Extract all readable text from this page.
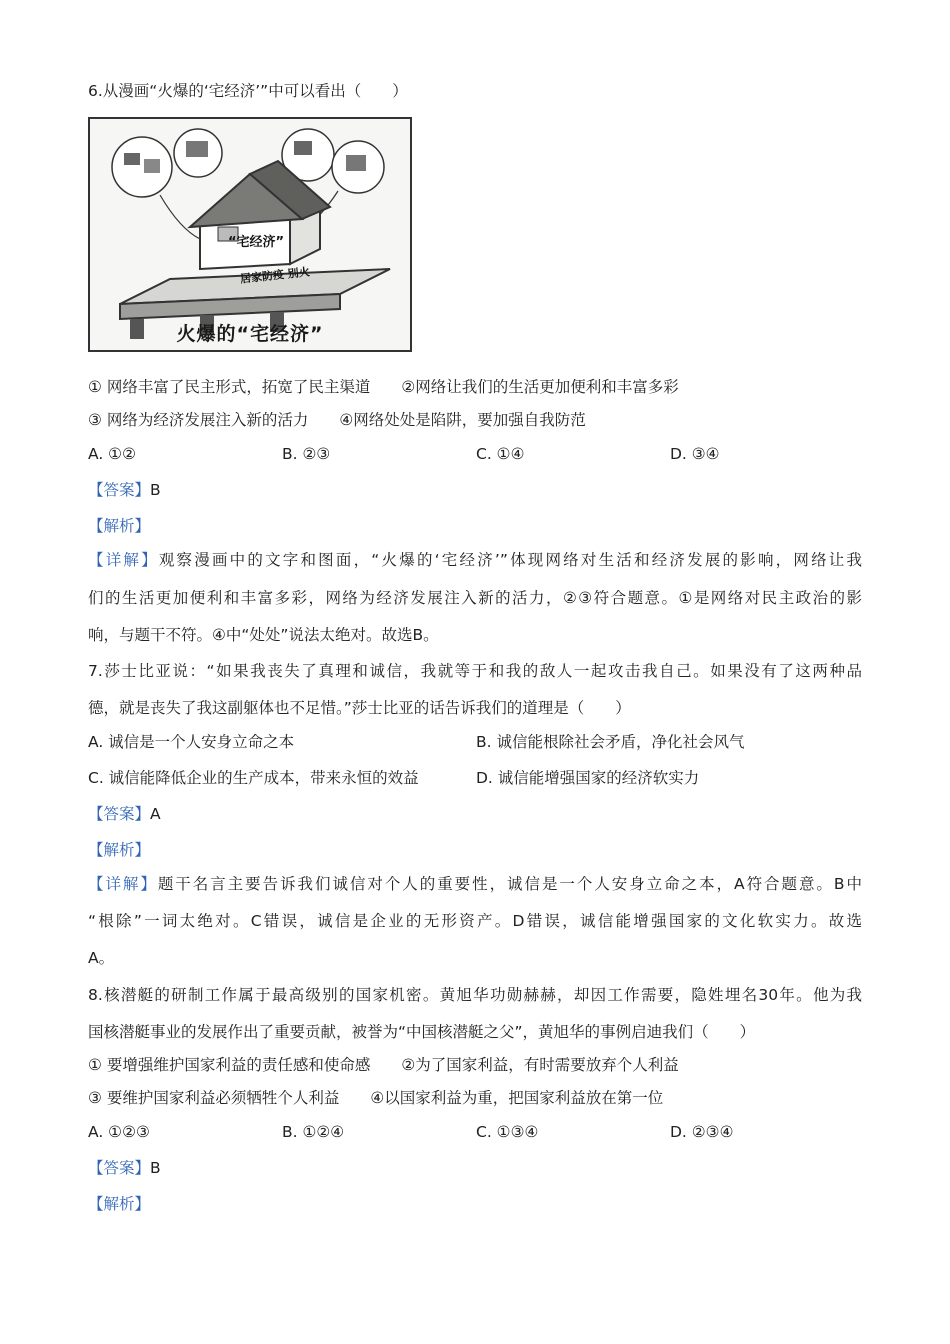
6.从漫画“火爆的‘宅经济’”中可以看出（　　）
“宅经济”
居家防疫 别火
火爆的“宅经济”
① 网络丰富了民主形式，拓宽了民主渠道　　②网络让我们的生活更加便利和丰富多彩
③ 网络为经济发展注入新的活力　　④网络处处是陷阱，要加强自我防范
A. ①②	B. ②③	C. ①④	D. ③④
【答案】B
【解析】
【详解】观察漫画中的文字和图面，“火爆的‘宅经济’”体现网络对生活和经济发展的影响，网络让我
们的生活更加便利和丰富多彩，网络为经济发展注入新的活力，②③符合题意。①是网络对民主政治的影
响，与题干不符。④中“处处”说法太绝对。故选B。
7.莎士比亚说：“如果我丧失了真理和诚信，我就等于和我的敌人一起攻击我自己。如果没有了这两种品
德，就是丧失了我这副躯体也不足惜。”莎士比亚的话告诉我们的道理是（　　）
A. 诚信是一个人安身立命之本	B. 诚信能根除社会矛盾，净化社会风气
C. 诚信能降低企业的生产成本，带来永恒的效益	D. 诚信能增强国家的经济软实力
【答案】A
【解析】
【详解】题干名言主要告诉我们诚信对个人的重要性，诚信是一个人安身立命之本，A符合题意。B中
“根除”一词太绝对。C错误，诚信是企业的无形资产。D错误，诚信能增强国家的文化软实力。故选
A。
8.核潜艇的研制工作属于最高级别的国家机密。黄旭华功勋赫赫，却因工作需要，隐姓埋名30年。他为我
国核潜艇事业的发展作出了重要贡献，被誉为“中国核潜艇之父”，黄旭华的事例启迪我们（　　）
① 要增强维护国家利益的责任感和使命感　　②为了国家利益，有时需要放弃个人利益
③ 要维护国家利益必须牺牲个人利益　　④以国家利益为重，把国家利益放在第一位
A. ①②③	B. ①②④	C. ①③④	D. ②③④
【答案】B
【解析】
